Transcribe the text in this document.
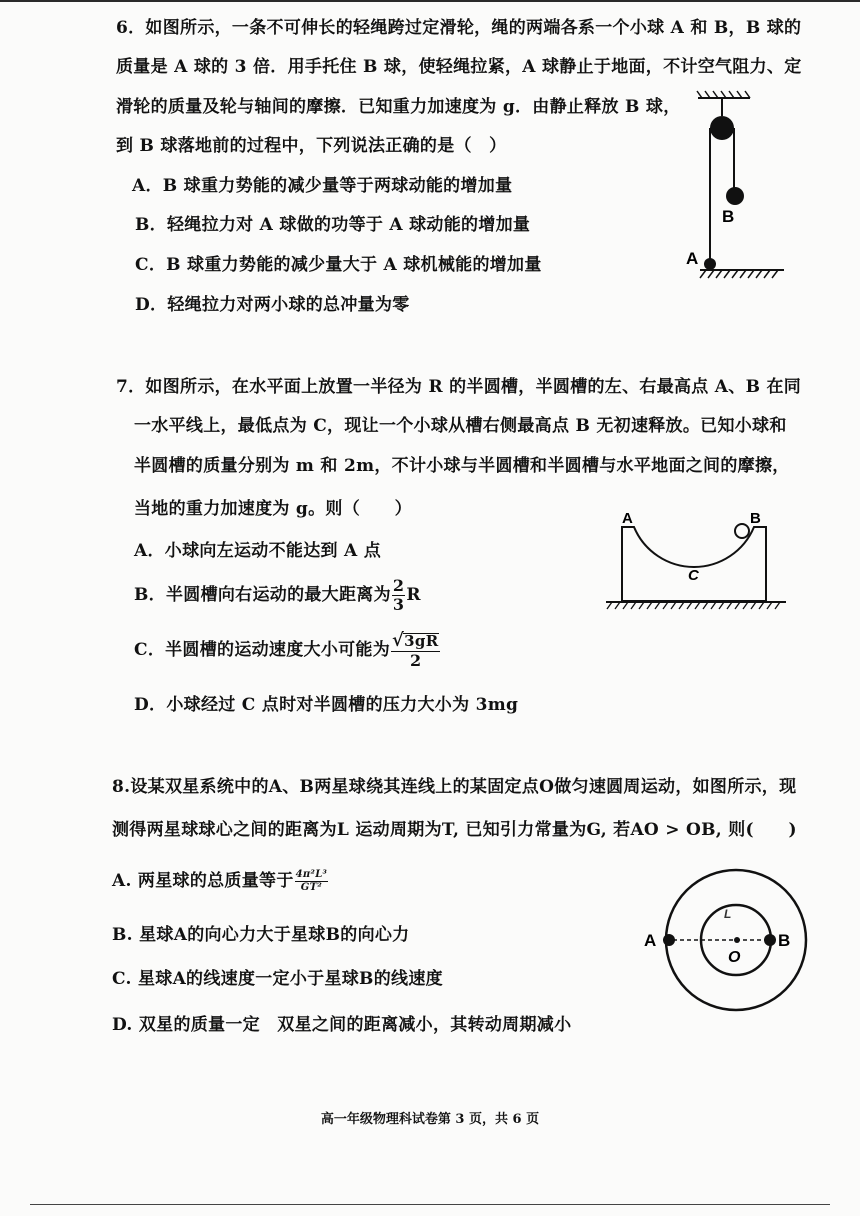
6．如图所示，一条不可伸长的轻绳跨过定滑轮，绳的两端各系一个小球 A 和 B，B 球的
质量是 A 球的 3 倍．用手托住 B 球，使轻绳拉紧，A 球静止于地面，不计空气阻力、定
滑轮的质量及轮与轴间的摩擦．已知重力加速度为 g．由静止释放 B 球，
到 B 球落地前的过程中，下列说法正确的是（　）
A．B 球重力势能的减少量等于两球动能的增加量
B．轻绳拉力对 A 球做的功等于 A 球动能的增加量
C．B 球重力势能的减少量大于 A 球机械能的增加量
D．轻绳拉力对两小球的总冲量为零
B
A
7．如图所示，在水平面上放置一半径为 R 的半圆槽，半圆槽的左、右最高点 A、B 在同
一水平线上，最低点为 C，现让一个小球从槽右侧最高点 B 无初速释放。已知小球和
半圆槽的质量分别为 m 和 2m，不计小球与半圆槽和半圆槽与水平地面之间的摩擦，
当地的重力加速度为 g。则（　　）
A．小球向左运动不能达到 A 点
B．半圆槽向右运动的最大距离为 $\frac{2}{3}$ R
C．半圆槽的运动速度大小可能为 $\frac{√3gR}{2}$
D．小球经过 C 点时对半圆槽的压力大小为 3mg
A	B
C
8.设某双星系统中的A、B两星球绕其连线上的某固定点O做匀速圆周运动，如图所示，现
测得两星球球心之间的距离为L 运动周期为T, 已知引力常量为G, 若AO > OB, 则(　　)
A. 两星球的总质量等于 $\frac{\text{4π²L³}}{\text{GT²}}$
B. 星球A的向心力大于星球B的向心力
C. 星球A的线速度一定小于星球B的线速度
D. 双星的质量一定　双星之间的距离减小，其转动周期减小
A	B
O
L
高一年级物理科试卷第 3 页，共 6 页
